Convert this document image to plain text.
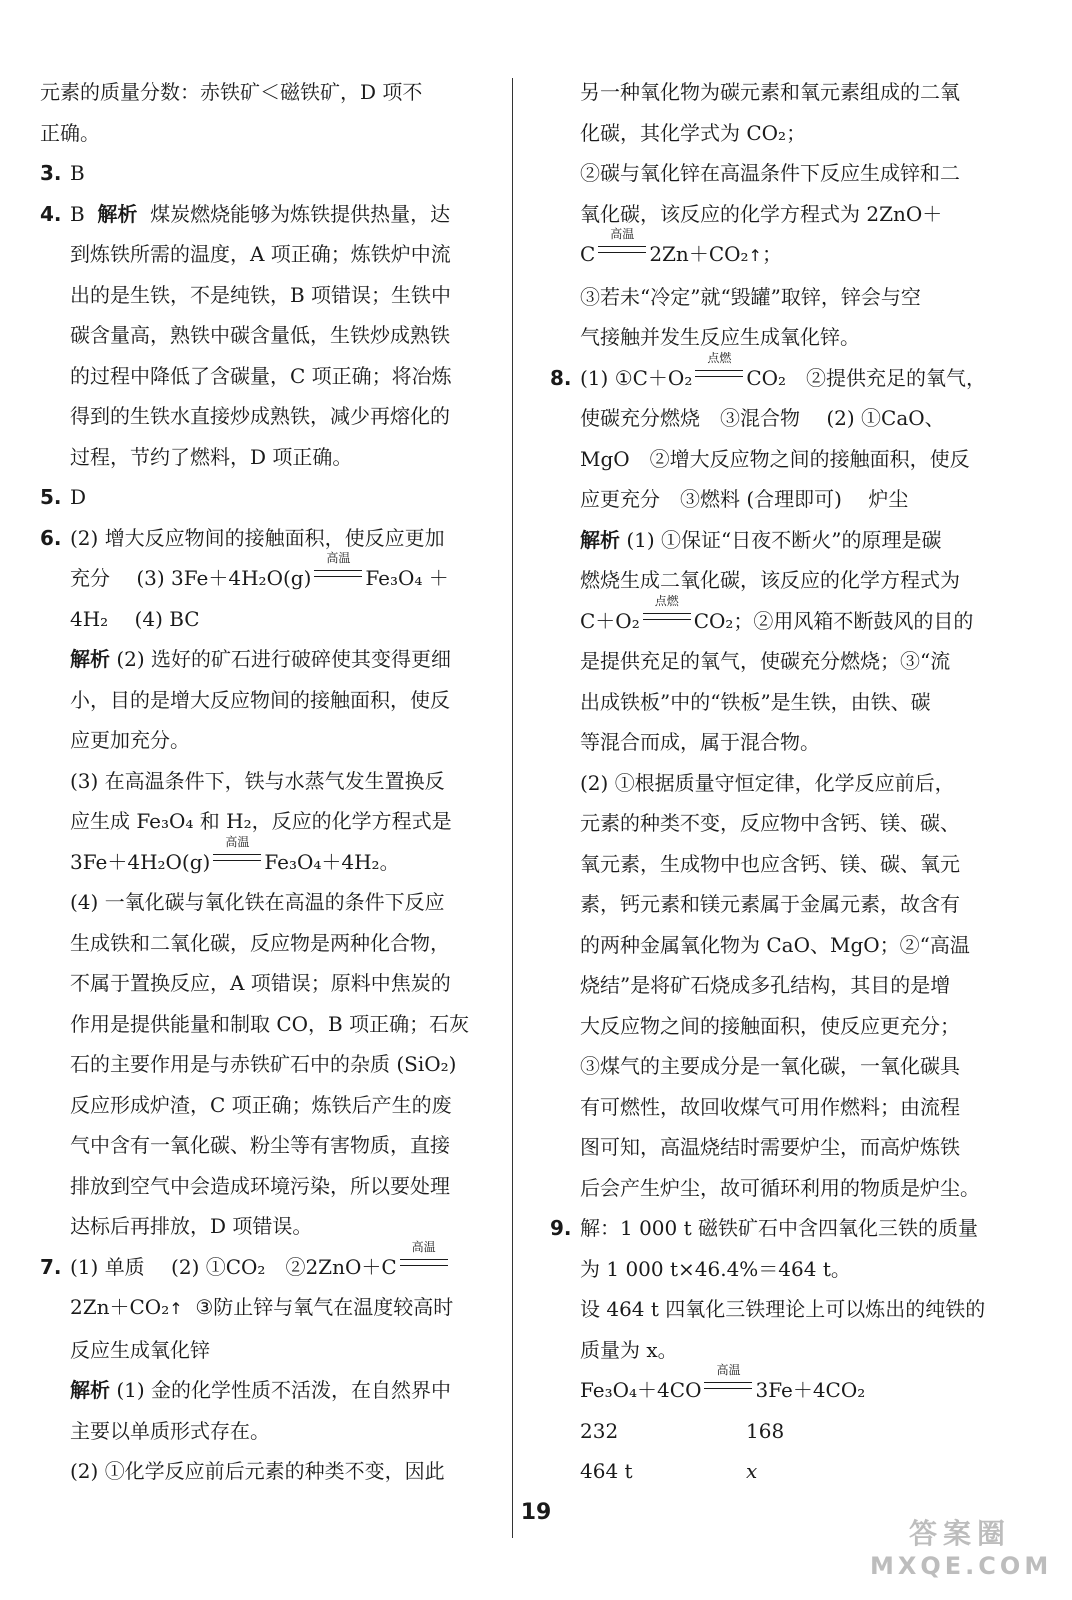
元素的质量分数：赤铁矿＜磁铁矿，D 项不
正确。
3. B
4. B 解析 煤炭燃烧能够为炼铁提供热量，达
到炼铁所需的温度，A 项正确；炼铁炉中流
出的是生铁，不是纯铁，B 项错误；生铁中
碳含量高，熟铁中碳含量低，生铁炒成熟铁
的过程中降低了含碳量，C 项正确；将冶炼
得到的生铁水直接炒成熟铁，减少再熔化的
过程，节约了燃料，D 项正确。
5. D
6. (2) 增大反应物间的接触面积，使反应更加
充分　 (3) 3Fe＋4H₂O(g)
高温
Fe₃O₄ ＋
4H₂　 (4) BC
解析 (2) 选好的矿石进行破碎使其变得更细
小，目的是增大反应物间的接触面积，使反
应更加充分。
(3) 在高温条件下，铁与水蒸气发生置换反
应生成 Fe₃O₄ 和 H₂，反应的化学方程式是
3Fe＋4H₂O(g)
高温
Fe₃O₄＋4H₂。
(4) 一氧化碳与氧化铁在高温的条件下反应
生成铁和二氧化碳，反应物是两种化合物，
不属于置换反应，A 项错误；原料中焦炭的
作用是提供能量和制取 CO，B 项正确；石灰
石的主要作用是与赤铁矿石中的杂质 (SiO₂)
反应形成炉渣，C 项正确；炼铁后产生的废
气中含有一氧化碳、粉尘等有害物质，直接
排放到空气中会造成环境污染，所以要处理
达标后再排放，D 项错误。
7. (1) 单质　 (2) ①CO₂　②2ZnO＋C
高温
2Zn＋CO₂↑ ③防止锌与氧气在温度较高时
反应生成氧化锌
解析 (1) 金的化学性质不活泼，在自然界中
主要以单质形式存在。
(2) ①化学反应前后元素的种类不变，因此
另一种氧化物为碳元素和氧元素组成的二氧
化碳，其化学式为 CO₂；
②碳与氧化锌在高温条件下反应生成锌和二
氧化碳，该反应的化学方程式为 2ZnO＋
C
高温
2Zn＋CO₂↑；
③若未“冷定”就“毁罐”取锌，锌会与空
气接触并发生反应生成氧化锌。
8. (1) ①C＋O₂
点燃
CO₂　②提供充足的氧气，
使碳充分燃烧　③混合物　 (2) ①CaO、
MgO　②增大反应物之间的接触面积，使反
应更充分　③燃料 (合理即可)　 炉尘
解析 (1) ①保证“日夜不断火”的原理是碳
燃烧生成二氧化碳，该反应的化学方程式为
C＋O₂
点燃
CO₂；②用风箱不断鼓风的目的
是提供充足的氧气，使碳充分燃烧；③“流
出成铁板”中的“铁板”是生铁，由铁、碳
等混合而成，属于混合物。
(2) ①根据质量守恒定律，化学反应前后，
元素的种类不变，反应物中含钙、镁、碳、
氧元素，生成物中也应含钙、镁、碳、氧元
素，钙元素和镁元素属于金属元素，故含有
的两种金属氧化物为 CaO、MgO；②“高温
烧结”是将矿石烧成多孔结构，其目的是增
大反应物之间的接触面积，使反应更充分；
③煤气的主要成分是一氧化碳，一氧化碳具
有可燃性，故回收煤气可用作燃料；由流程
图可知，高温烧结时需要炉尘，而高炉炼铁
后会产生炉尘，故可循环利用的物质是炉尘。
9. 解：1 000 t 磁铁矿石中含四氧化三铁的质量
为 1 000 t×46.4%＝464 t。
设 464 t 四氧化三铁理论上可以炼出的纯铁的
质量为 x。
Fe₃O₄＋4CO
高温
3Fe＋4CO₂
232	168
464 t	x
19
答案圈
MXQE.COM
